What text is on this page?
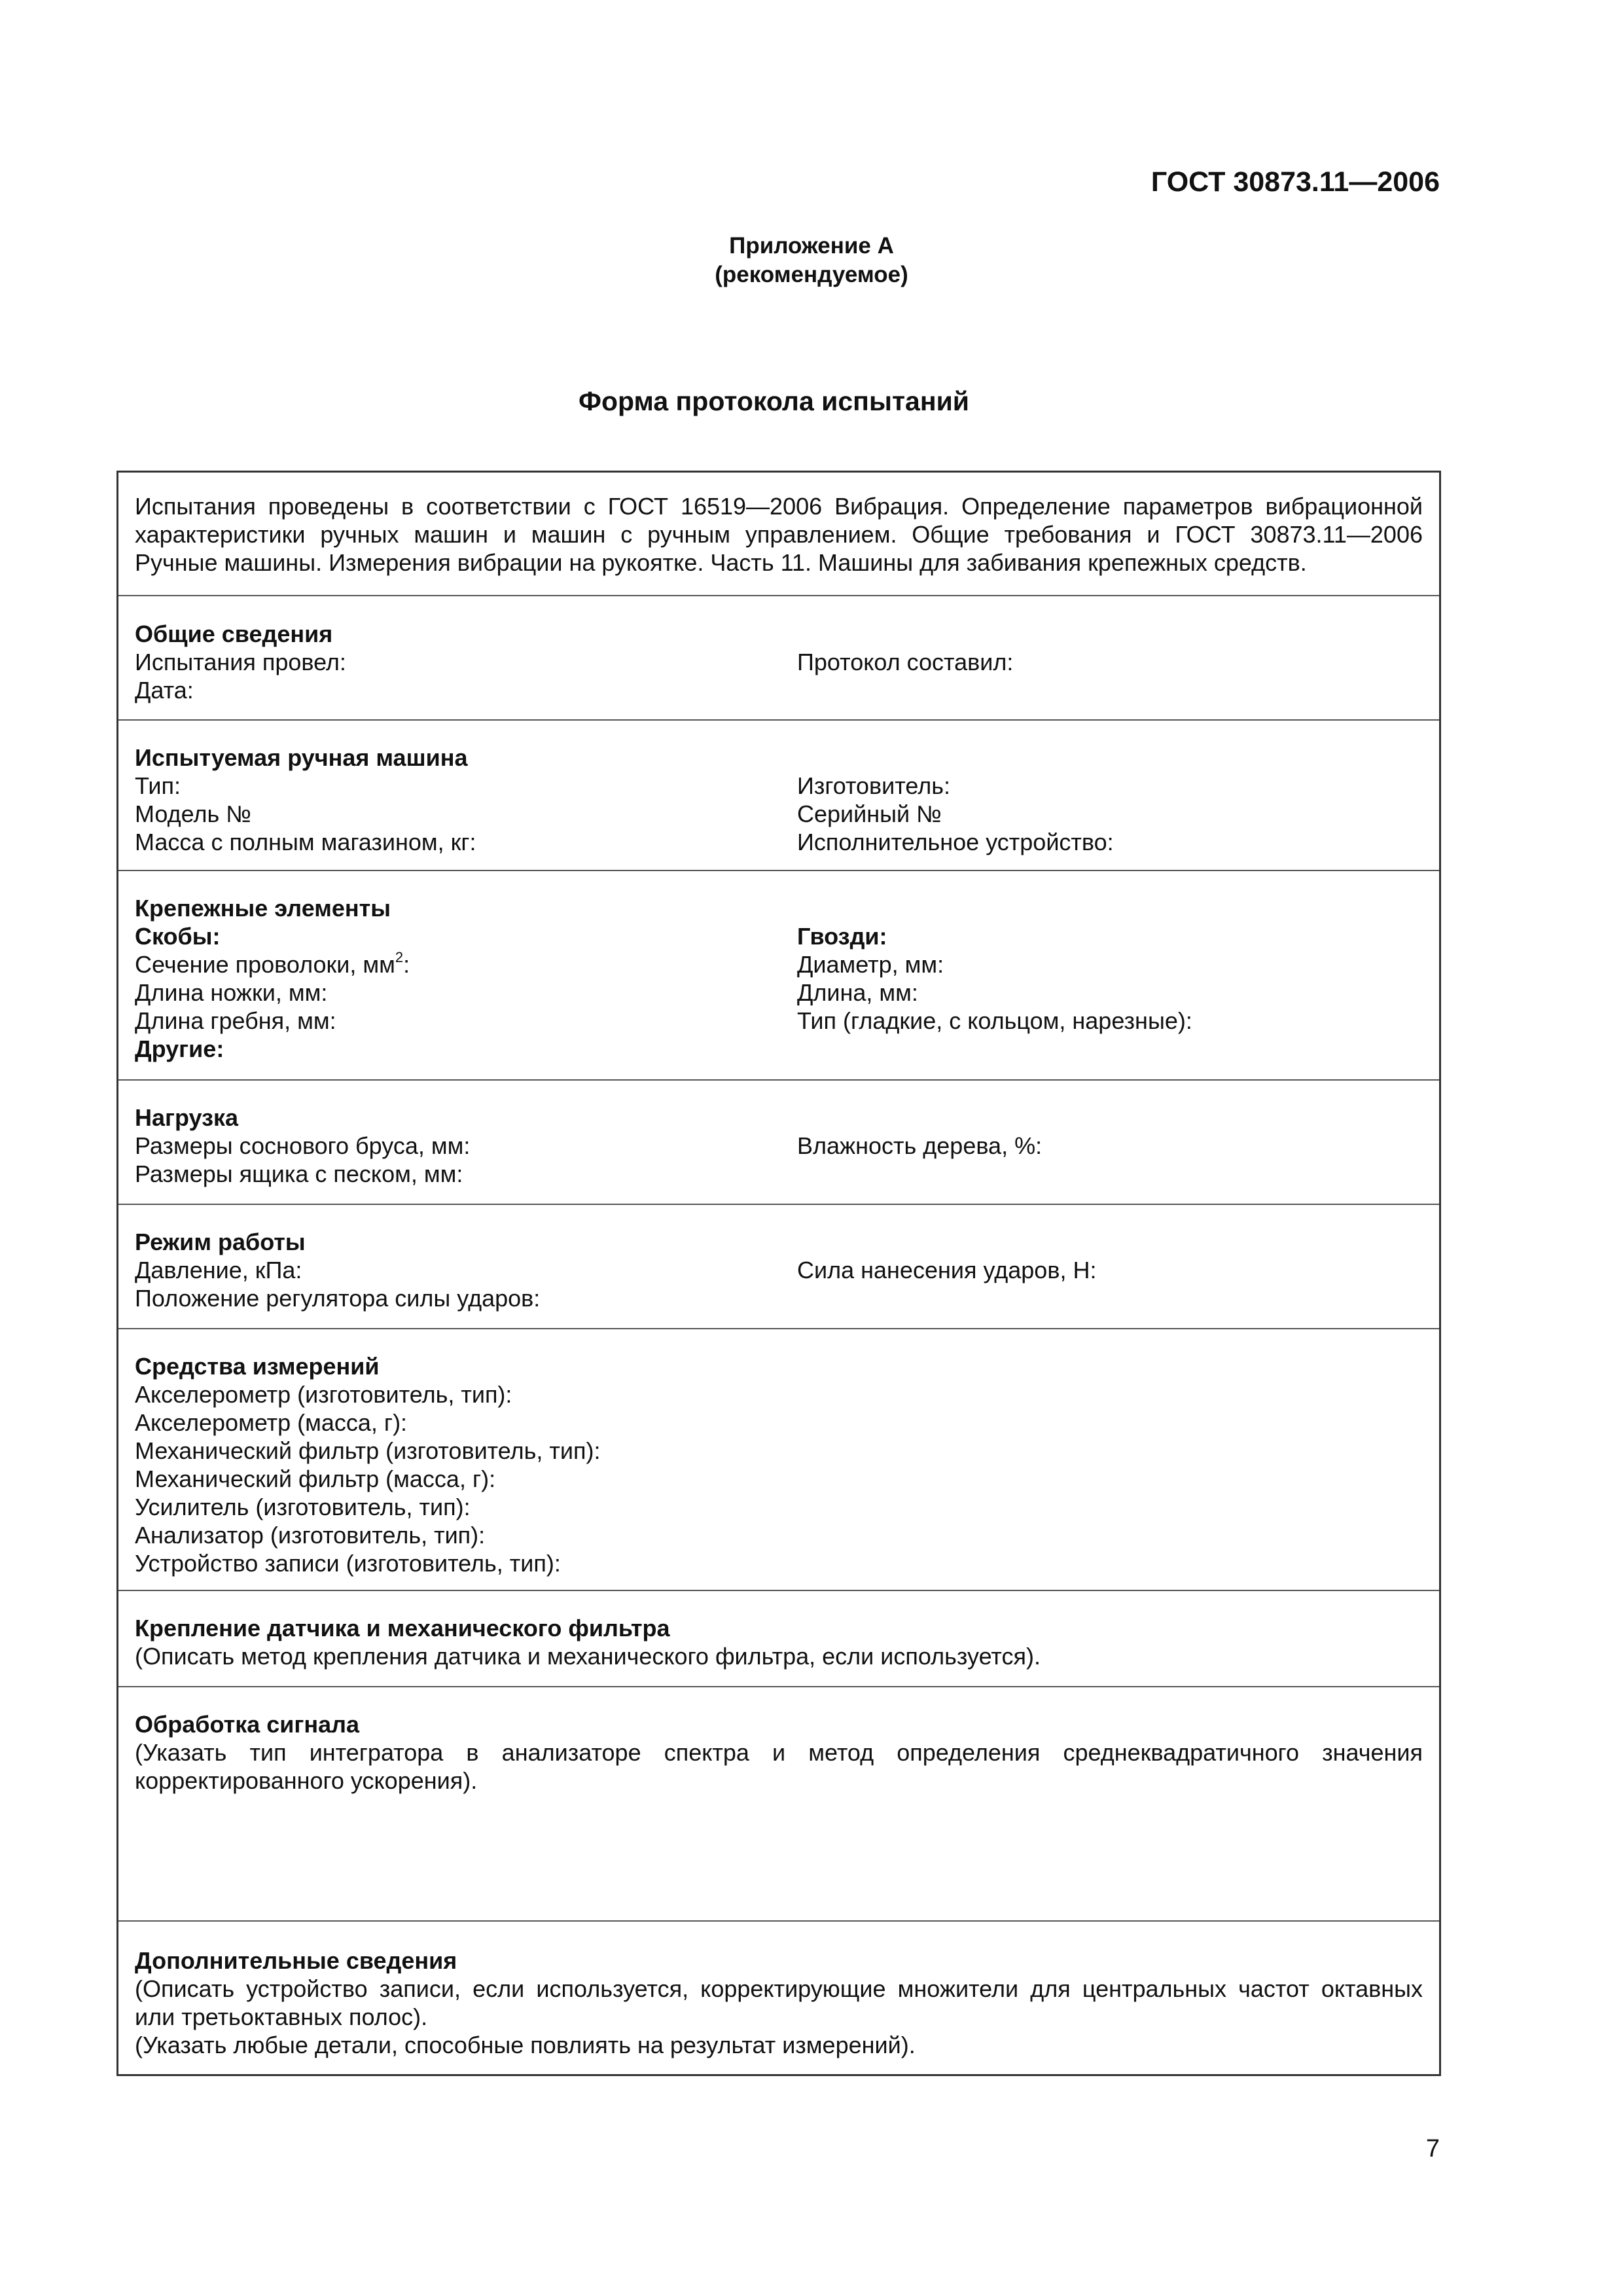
ГОСТ 30873.11—2006
Приложение А
(рекомендуемое)
Форма протокола испытаний
Испытания проведены в соответствии с ГОСТ 16519—2006 Вибрация. Определение параметров вибрационной
характеристики ручных машин и машин с ручным управлением. Общие требования и ГОСТ 30873.11—2006
Ручные машины. Измерения вибрации на рукоятке. Часть 11. Машины для забивания крепежных средств.
Общие сведения
Испытания провел:	Протокол составил:
Дата:
Испытуемая ручная машина
Тип:	Изготовитель:
Модель №	Серийный №
Масса с полным магазином, кг:	Исполнительное устройство:
Крепежные элементы
Скобы:	Гвозди:
Сечение проволоки, $мм^2$:	Диаметр, мм:
Длина ножки, мм:	Длина, мм:
Длина гребня, мм:	Тип (гладкие, с кольцом, нарезные):
Другие:
Нагрузка
Размеры соснового бруса, мм:	Влажность дерева, %:
Размеры ящика с песком, мм:
Режим работы
Давление, кПа:	Сила нанесения ударов, Н:
Положение регулятора силы ударов:
Средства измерений
Акселерометр (изготовитель, тип):
Акселерометр (масса, г):
Механический фильтр (изготовитель, тип):
Механический фильтр (масса, г):
Усилитель (изготовитель, тип):
Анализатор (изготовитель, тип):
Устройство записи (изготовитель, тип):
Крепление датчика и механического фильтра
(Описать метод крепления датчика и механического фильтра, если используется).
Обработка сигнала
(Указать тип интегратора в анализаторе спектра и метод определения среднеквадратичного значения
корректированного ускорения).
Дополнительные сведения
(Описать устройство записи, если используется, корректирующие множители для центральных частот октавных
или третьоктавных полос).
(Указать любые детали, способные повлиять на результат измерений).
7
